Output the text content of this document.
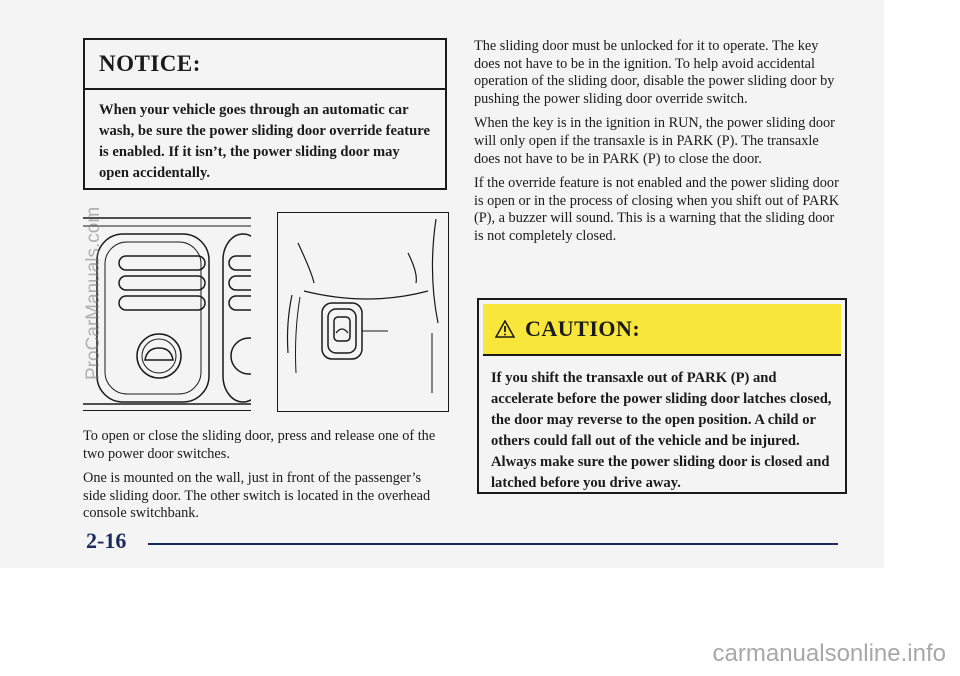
NOTICE:
When your vehicle goes through an automatic car wash, be sure the power sliding door override feature is enabled. If it isn’t, the power sliding door may open accidentally.

To open or close the sliding door, press and release one of the two power door switches.

One is mounted on the wall, just in front of the passenger’s side sliding door. The other switch is located in the overhead console switchbank.

The sliding door must be unlocked for it to operate. The key does not have to be in the ignition. To help avoid accidental operation of the sliding door, disable the power sliding door by pushing the power sliding door override switch.

When the key is in the ignition in RUN, the power sliding door will only open if the transaxle is in PARK (P). The transaxle does not have to be in PARK (P) to close the door.

If the override feature is not enabled and the power sliding door is open or in the process of closing when you shift out of PARK (P), a buzzer will sound. This is a warning that the sliding door is not completely closed.

CAUTION:
If you shift the transaxle out of PARK (P) and accelerate before the power sliding door latches closed, the door may reverse to the open position. A child or others could fall out of the vehicle and be injured. Always make sure the power sliding door is closed and latched before you drive away.
2-16
ProCarManuals.com
carmanualsonline.info
